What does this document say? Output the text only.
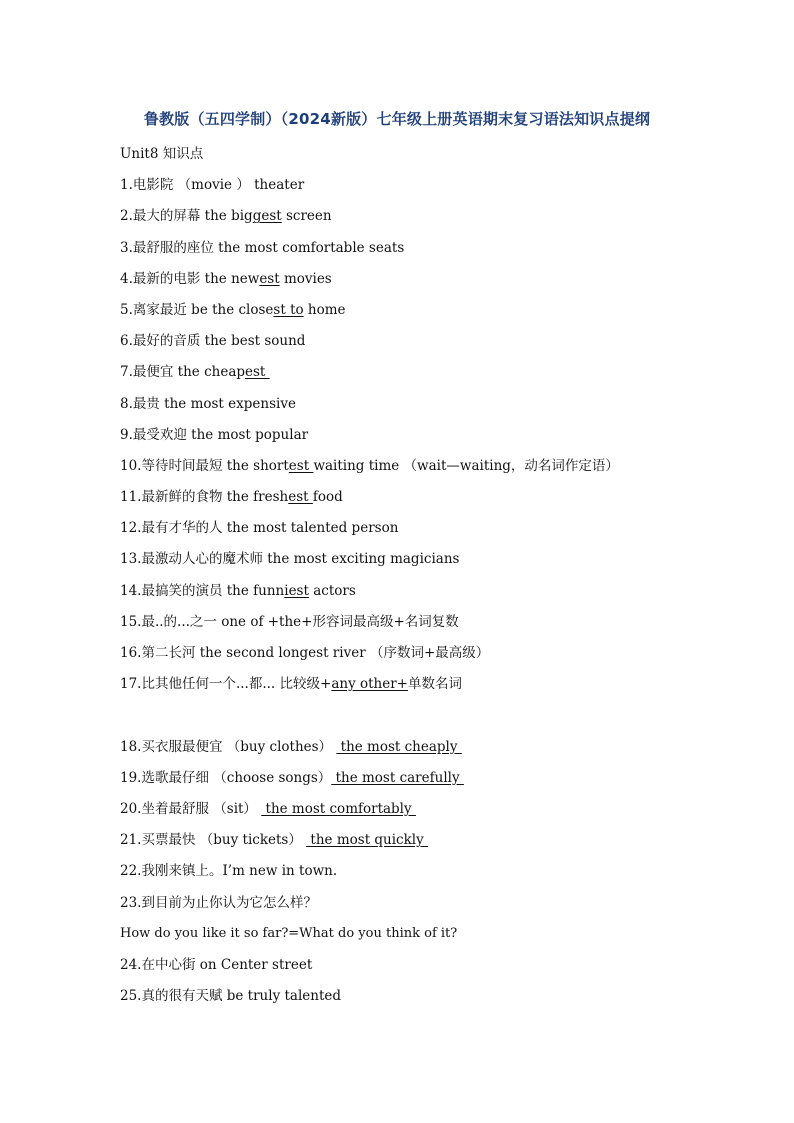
鲁教版（五四学制）（2024新版）七年级上册英语期末复习语法知识点提纲
Unit8 知识点
1.电影院 （movie ） theater
2.最大的屏幕 the biggest screen
3.最舒服的座位 the most comfortable seats
4.最新的电影 the newest movies
5.离家最近 be the closest to home
6.最好的音质 the best sound
7.最便宜 the cheapest
8.最贵 the most expensive
9.最受欢迎 the most popular
10.等待时间最短 the shortest waiting time （wait—waiting，动名词作定语）
11.最新鲜的食物 the freshest food
12.最有才华的人 the most talented person
13.最激动人心的魔术师 the most exciting magicians
14.最搞笑的演员 the funniest actors
15.最..的...之一 one of +the+形容词最高级+名词复数
16.第二长河 the second longest river （序数词+最高级）
17.比其他任何一个...都... 比较级+any other+单数名词
18.买衣服最便宜 （buy clothes）  the most cheaply
19.选歌最仔细 （choose songs） the most carefully
20.坐着最舒服 （sit）  the most comfortably
21.买票最快 （buy tickets）  the most quickly
22.我刚来镇上。I’m new in town.
23.到目前为止你认为它怎么样？
How do you like it so far?=What do you think of it?
24.在中心街 on Center street
25.真的很有天赋 be truly talented
